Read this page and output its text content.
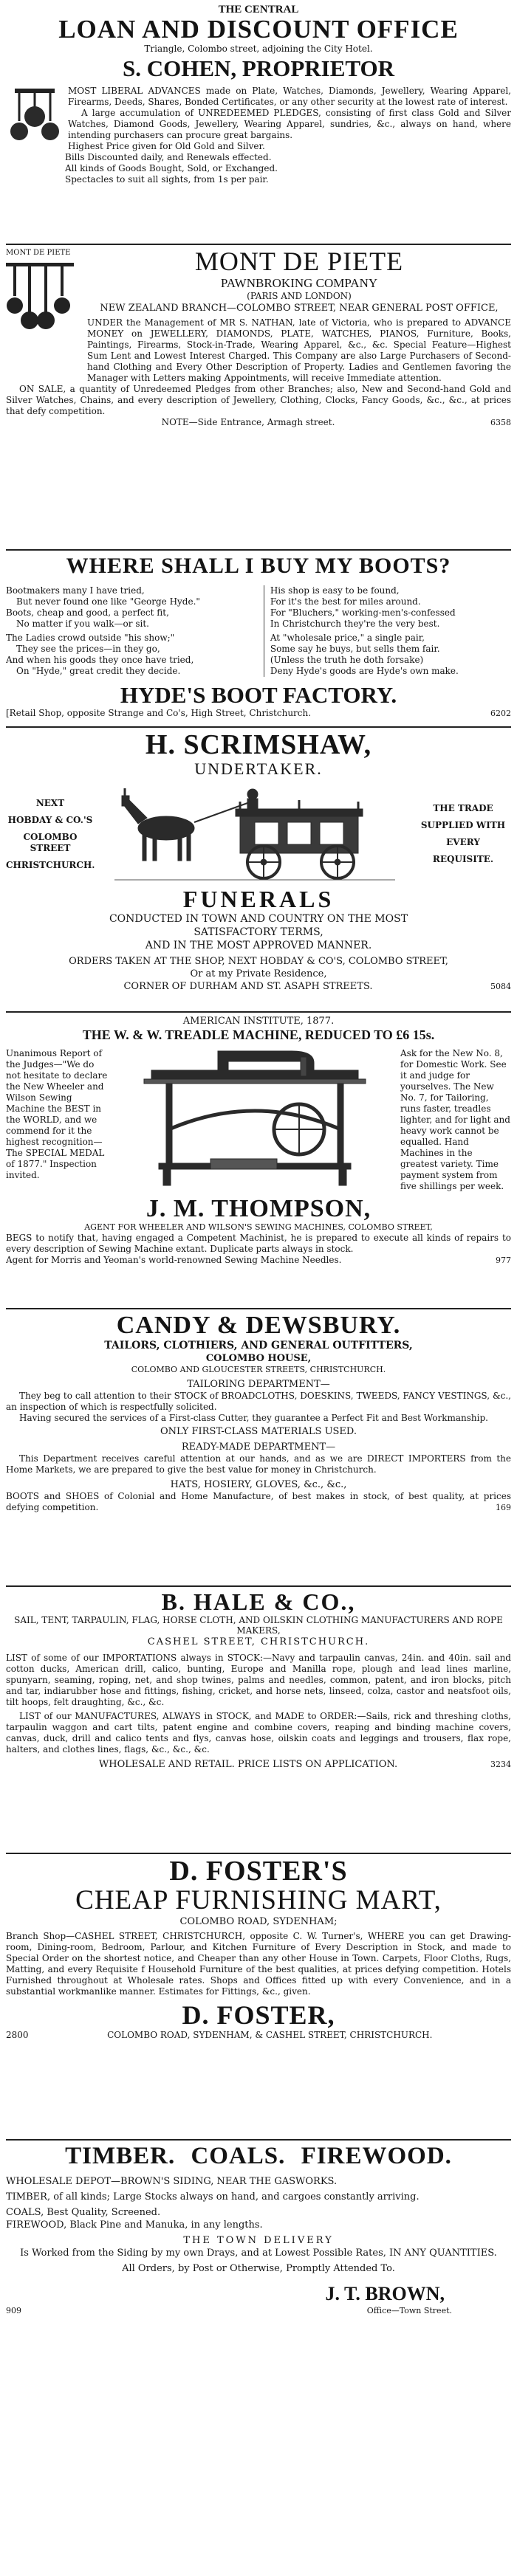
THE CENTRAL
LOAN AND DISCOUNT OFFICE
Triangle, Colombo street, adjoining the City Hotel.
S. COHEN, PROPRIETOR
MOST LIBERAL ADVANCES made on Plate, Watches, Diamonds, Jewellery, Wearing Apparel, Firearms, Deeds, Shares, Bonded Certificates, or any other security at the lowest rate of interest.
A large accumulation of UNREDEEMED PLEDGES, consisting of first class Gold and Silver Watches, Diamond Goods, Jewellery, Wearing Apparel, sundries, &c., always on hand, where intending purchasers can procure great bargains.
Highest Price given for Old Gold and Silver.
Bills Discounted daily, and Renewals effected.
All kinds of Goods Bought, Sold, or Exchanged.
Spectacles to suit all sights, from 1s per pair.
MONT DE PIETE	MONT DE PIETE
PAWNBROKING COMPANY
(PARIS AND LONDON)
NEW ZEALAND BRANCH—COLOMBO STREET, NEAR GENERAL POST OFFICE,
UNDER the Management of MR S. NATHAN, late of Victoria, who is prepared to ADVANCE MONEY on JEWELLERY, DIAMONDS, PLATE, WATCHES, PIANOS, Furniture, Books, Paintings, Firearms, Stock-in-Trade, Wearing Apparel, &c., &c. Special Feature—Highest Sum Lent and Lowest Interest Charged. This Company are also Large Purchasers of Second-hand Clothing and Every Other Description of Property. Ladies and Gentlemen favoring the Manager with Letters making Appointments, will receive Immediate attention.
ON SALE, a quantity of Unredeemed Pledges from other Branches; also, New and Second-hand Gold and Silver Watches, Chains, and every description of Jewellery, Clothing, Clocks, Fancy Goods, &c., &c., at prices that defy competition.
NOTE—Side Entrance, Armagh street.	6358
WHERE SHALL I BUY MY BOOTS?
Bootmakers many I have tried,
But never found one like "George Hyde."
Boots, cheap and good, a perfect fit,
No matter if you walk—or sit.
The Ladies crowd outside "his show;"
They see the prices—in they go,
And when his goods they once have tried,
On "Hyde," great credit they decide.
His shop is easy to be found,
For it's the best for miles around.
For "Bluchers," working-men's-confessed
In Christchurch they're the very best.
At "wholesale price," a single pair,
Some say he buys, but sells them fair.
(Unless the truth he doth forsake)
Deny Hyde's goods are Hyde's own make.
HYDE'S BOOT FACTORY.
[Retail Shop, opposite Strange and Co's, High Street, Christchurch.	6202
H. SCRIMSHAW,
UNDERTAKER.
NEXT
HOBDAY & CO.'S
COLOMBO STREET
CHRISTCHURCH.
THE TRADE
SUPPLIED WITH
EVERY
REQUISITE.
FUNERALS
CONDUCTED IN TOWN AND COUNTRY ON THE MOST
SATISFACTORY TERMS,
AND IN THE MOST APPROVED MANNER.
ORDERS TAKEN AT THE SHOP, NEXT HOBDAY & CO'S, COLOMBO STREET,
Or at my Private Residence,
CORNER OF DURHAM AND ST. ASAPH STREETS.	5084
AMERICAN INSTITUTE, 1877.
THE W. & W. TREADLE MACHINE, REDUCED TO £6 15s.
Unanimous Report of the Judges—"We do not hesitate to declare the New Wheeler and Wilson Sewing Machine the BEST in the WORLD, and we commend for it the highest recognition—The SPECIAL MEDAL of 1877." Inspection invited.
Ask for the New No. 8, for Domestic Work. See it and judge for yourselves. The New No. 7, for Tailoring, runs faster, treadles lighter, and for light and heavy work cannot be equalled. Hand Machines in the greatest variety. Time payment system from five shillings per week.
J. M. THOMPSON,
AGENT FOR WHEELER AND WILSON'S SEWING MACHINES, COLOMBO STREET,
BEGS to notify that, having engaged a Competent Machinist, he is prepared to execute all kinds of repairs to every description of Sewing Machine extant. Duplicate parts always in stock.
Agent for Morris and Yeoman's world-renowned Sewing Machine Needles.	977
CANDY & DEWSBURY.
TAILORS, CLOTHIERS, AND GENERAL OUTFITTERS,
COLOMBO HOUSE,
COLOMBO AND GLOUCESTER STREETS, CHRISTCHURCH.
TAILORING DEPARTMENT—
They beg to call attention to their STOCK of BROADCLOTHS, DOESKINS, TWEEDS, FANCY VESTINGS, &c., an inspection of which is respectfully solicited.
Having secured the services of a First-class Cutter, they guarantee a Perfect Fit and Best Workmanship.
ONLY FIRST-CLASS MATERIALS USED.
READY-MADE DEPARTMENT—
This Department receives careful attention at our hands, and as we are DIRECT IMPORTERS from the Home Markets, we are prepared to give the best value for money in Christchurch.
HATS, HOSIERY, GLOVES, &c., &c.,
BOOTS and SHOES of Colonial and Home Manufacture, of best makes in stock, of best quality, at prices defying competition.	169
B. HALE & CO.,
SAIL, TENT, TARPAULIN, FLAG, HORSE CLOTH, AND OILSKIN CLOTHING MANUFACTURERS AND ROPE MAKERS,
CASHEL STREET, CHRISTCHURCH.
LIST of some of our IMPORTATIONS always in STOCK:—Navy and tarpaulin canvas, 24in. and 40in. sail and cotton ducks, American drill, calico, bunting, Europe and Manilla rope, plough and lead lines marline, spunyarn, seaming, roping, net, and shop twines, palms and needles, common, patent, and iron blocks, pitch and tar, indiarubber hose and fittings, fishing, cricket, and horse nets, linseed, colza, castor and neatsfoot oils, tilt hoops, felt draughting, &c., &c.
LIST of our MANUFACTURES, ALWAYS in STOCK, and MADE to ORDER:—Sails, rick and threshing cloths, tarpaulin waggon and cart tilts, patent engine and combine covers, reaping and binding machine covers, canvas, duck, drill and calico tents and flys, canvas hose, oilskin coats and leggings and trousers, flax rope, halters, and clothes lines, flags, &c., &c., &c.
WHOLESALE AND RETAIL. PRICE LISTS ON APPLICATION.	3234
D. FOSTER'S
CHEAP FURNISHING MART,
COLOMBO ROAD, SYDENHAM;
Branch Shop—CASHEL STREET, CHRISTCHURCH, opposite C. W. Turner's, WHERE you can get Drawing-room, Dining-room, Bedroom, Parlour, and Kitchen Furniture of Every Description in Stock, and made to Special Order on the shortest notice, and Cheaper than any other House in Town. Carpets, Floor Cloths, Rugs, Matting, and every Requisite f Household Furniture of the best qualities, at prices defying competition. Hotels Furnished throughout at Wholesale rates. Shops and Offices fitted up with every Convenience, and in a substantial workmanlike manner. Estimates for Fittings, &c., given.
D. FOSTER,
2800	COLOMBO ROAD, SYDENHAM, & CASHEL STREET, CHRISTCHURCH.
TIMBER. COALS. FIREWOOD.
WHOLESALE DEPOT—BROWN'S SIDING, NEAR THE GASWORKS.
TIMBER, of all kinds; Large Stocks always on hand, and cargoes constantly arriving.
COALS, Best Quality, Screened.
FIREWOOD, Black Pine and Manuka, in any lengths.
THE TOWN DELIVERY
Is Worked from the Siding by my own Drays, and at Lowest Possible Rates, IN ANY QUANTITIES.
All Orders, by Post or Otherwise, Promptly Attended To.
J. T. BROWN,
909	Office—Town Street.
